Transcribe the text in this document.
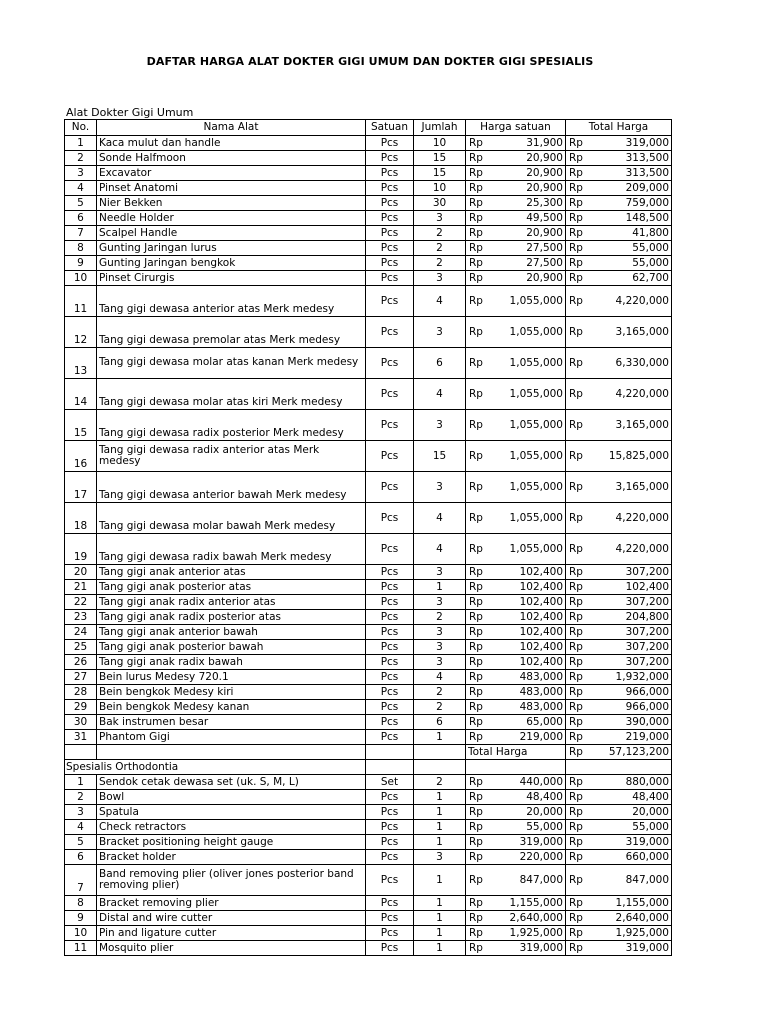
DAFTAR HARGA ALAT DOKTER GIGI UMUM DAN DOKTER GIGI SPESIALIS
Alat Dokter Gigi Umum
No.	Nama Alat	Satuan	Jumlah	Harga satuan		Total Harga	
1	Kaca mulut dan handle	Pcs	10	Rp	31,900	Rp	319,000
2	Sonde Halfmoon	Pcs	15	Rp	20,900	Rp	313,500
3	Excavator	Pcs	15	Rp	20,900	Rp	313,500
4	Pinset Anatomi	Pcs	10	Rp	20,900	Rp	209,000
5	Nier Bekken	Pcs	30	Rp	25,300	Rp	759,000
6	Needle Holder	Pcs	3	Rp	49,500	Rp	148,500
7	Scalpel Handle	Pcs	2	Rp	20,900	Rp	41,800
8	Gunting Jaringan lurus	Pcs	2	Rp	27,500	Rp	55,000
9	Gunting Jaringan bengkok	Pcs	2	Rp	27,500	Rp	55,000
10	Pinset Cirurgis	Pcs	3	Rp	20,900	Rp	62,700
11	Tang gigi dewasa anterior atas Merk medesy	Pcs	4	Rp	1,055,000	Rp	4,220,000
12	Tang gigi dewasa premolar atas Merk medesy	Pcs	3	Rp	1,055,000	Rp	3,165,000
13	Tang gigi dewasa molar atas kanan Merk medesy	Pcs	6	Rp	1,055,000	Rp	6,330,000
14	Tang gigi dewasa molar atas kiri Merk medesy	Pcs	4	Rp	1,055,000	Rp	4,220,000
15	Tang gigi dewasa radix posterior Merk medesy	Pcs	3	Rp	1,055,000	Rp	3,165,000
16	Tang gigi dewasa radix anterior atas Merk medesy	Pcs	15	Rp	1,055,000	Rp	15,825,000
17	Tang gigi dewasa anterior bawah Merk medesy	Pcs	3	Rp	1,055,000	Rp	3,165,000
18	Tang gigi dewasa molar bawah Merk medesy	Pcs	4	Rp	1,055,000	Rp	4,220,000
19	Tang gigi dewasa radix bawah Merk medesy	Pcs	4	Rp	1,055,000	Rp	4,220,000
20	Tang gigi anak anterior atas	Pcs	3	Rp	102,400	Rp	307,200
21	Tang gigi anak posterior atas	Pcs	1	Rp	102,400	Rp	102,400
22	Tang gigi anak radix anterior atas	Pcs	3	Rp	102,400	Rp	307,200
23	Tang gigi anak radix posterior atas	Pcs	2	Rp	102,400	Rp	204,800
24	Tang gigi anak anterior bawah	Pcs	3	Rp	102,400	Rp	307,200
25	Tang gigi anak posterior bawah	Pcs	3	Rp	102,400	Rp	307,200
26	Tang gigi anak radix bawah	Pcs	3	Rp	102,400	Rp	307,200
27	Bein lurus Medesy 720.1	Pcs	4	Rp	483,000	Rp	1,932,000
28	Bein bengkok Medesy kiri	Pcs	2	Rp	483,000	Rp	966,000
29	Bein bengkok Medesy kanan	Pcs	2	Rp	483,000	Rp	966,000
30	Bak instrumen besar	Pcs	6	Rp	65,000	Rp	390,000
31	Phantom Gigi	Pcs	1	Rp	219,000	Rp	219,000
				Total Harga		Rp	57,123,200
Spesialis Orthodontia							
1	Sendok cetak dewasa set (uk. S, M, L)	Set	2	Rp	440,000	Rp	880,000
2	Bowl	Pcs	1	Rp	48,400	Rp	48,400
3	Spatula	Pcs	1	Rp	20,000	Rp	20,000
4	Check retractors	Pcs	1	Rp	55,000	Rp	55,000
5	Bracket positioning height gauge	Pcs	1	Rp	319,000	Rp	319,000
6	Bracket holder	Pcs	3	Rp	220,000	Rp	660,000
7	Band removing plier (oliver jones posterior band removing plier)	Pcs	1	Rp	847,000	Rp	847,000
8	Bracket removing plier	Pcs	1	Rp	1,155,000	Rp	1,155,000
9	Distal and wire cutter	Pcs	1	Rp	2,640,000	Rp	2,640,000
10	Pin and ligature cutter	Pcs	1	Rp	1,925,000	Rp	1,925,000
11	Mosquito plier	Pcs	1	Rp	319,000	Rp	319,000
